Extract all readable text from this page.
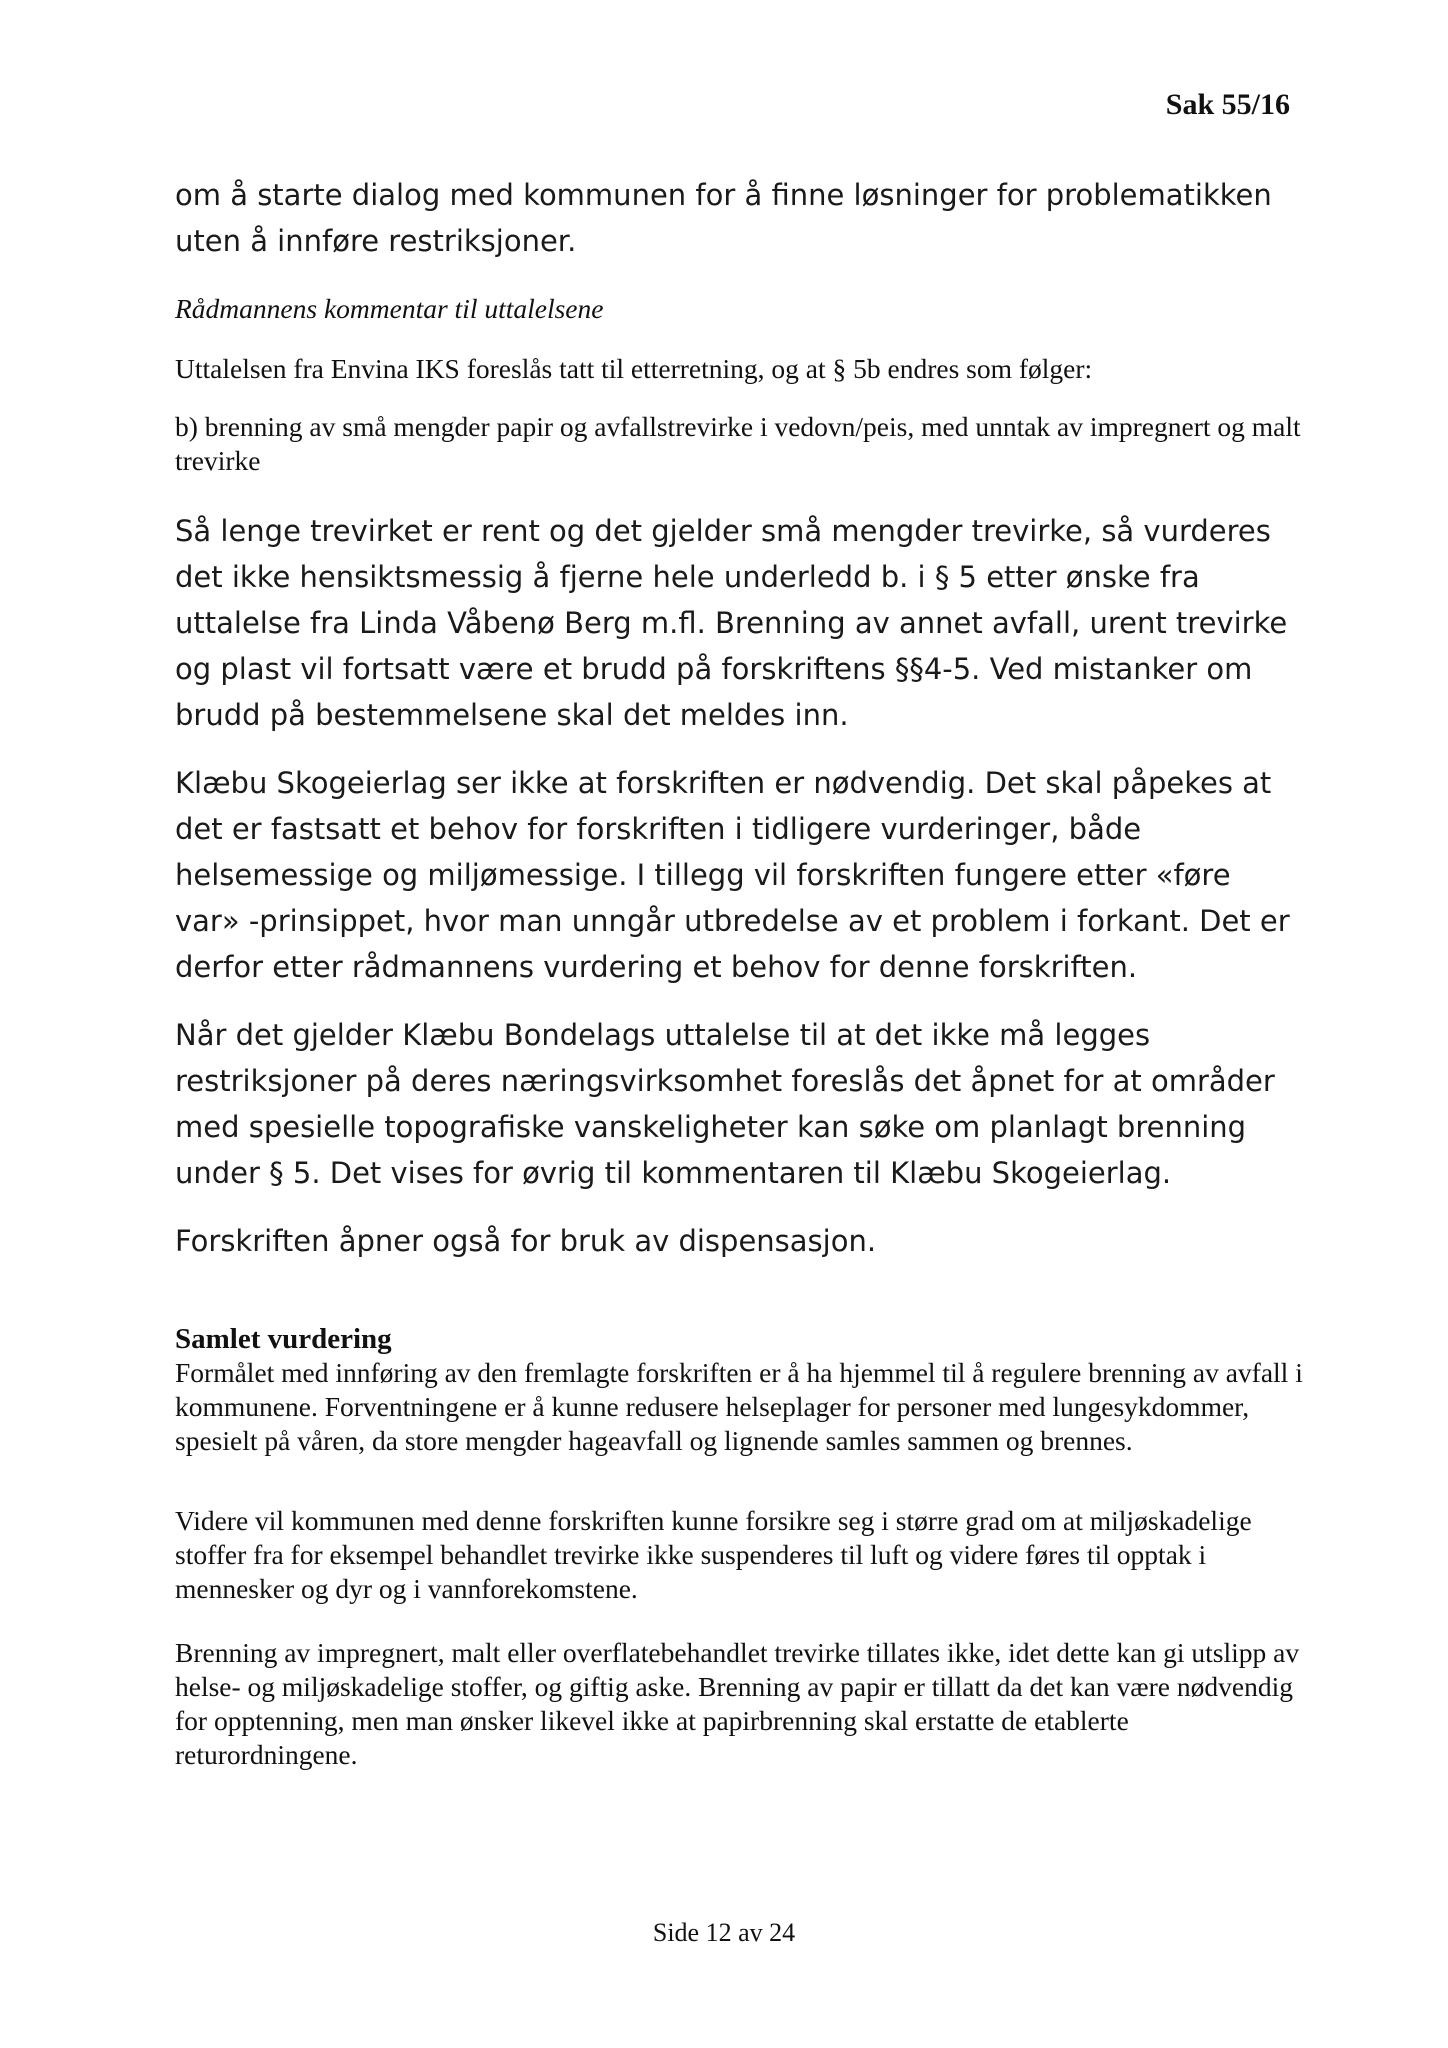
Sak 55/16

om å starte dialog med kommunen for å finne løsninger for problematikken uten å innføre restriksjoner.

Rådmannens kommentar til uttalelsene

Uttalelsen fra Envina IKS foreslås tatt til etterretning, og at § 5b endres som følger:

b) brenning av små mengder papir og avfallstrevirke i vedovn/peis, med unntak av impregnert og malt trevirke

Så lenge trevirket er rent og det gjelder små mengder trevirke, så vurderes det ikke hensiktsmessig å fjerne hele underledd b. i § 5 etter ønske fra uttalelse fra Linda Våbenø Berg m.fl. Brenning av annet avfall, urent trevirke og plast vil fortsatt være et brudd på forskriftens §§4-5. Ved mistanker om brudd på bestemmelsene skal det meldes inn.

Klæbu Skogeierlag ser ikke at forskriften er nødvendig. Det skal påpekes at det er fastsatt et behov for forskriften i tidligere vurderinger, både helsemessige og miljømessige. I tillegg vil forskriften fungere etter «føre var» -prinsippet, hvor man unngår utbredelse av et problem i forkant. Det er derfor etter rådmannens vurdering et behov for denne forskriften.

Når det gjelder Klæbu Bondelags uttalelse til at det ikke må legges restriksjoner på deres næringsvirksomhet foreslås det åpnet for at områder med spesielle topografiske vanskeligheter kan søke om planlagt brenning under § 5. Det vises for øvrig til kommentaren til Klæbu Skogeierlag.

Forskriften åpner også for bruk av dispensasjon.

Samlet vurdering

Formålet med innføring av den fremlagte forskriften er å ha hjemmel til å regulere brenning av avfall i kommunene. Forventningene er å kunne redusere helseplager for personer med lungesykdommer, spesielt på våren, da store mengder hageavfall og lignende samles sammen og brennes.

Videre vil kommunen med denne forskriften kunne forsikre seg i større grad om at miljøskadelige stoffer fra for eksempel behandlet trevirke ikke suspenderes til luft og videre føres til opptak i mennesker og dyr og i vannforekomstene.

Brenning av impregnert, malt eller overflatebehandlet trevirke tillates ikke, idet dette kan gi utslipp av helse- og miljøskadelige stoffer, og giftig aske. Brenning av papir er tillatt da det kan være nødvendig for opptenning, men man ønsker likevel ikke at papirbrenning skal erstatte de etablerte returordningene.

Side 12 av 24
